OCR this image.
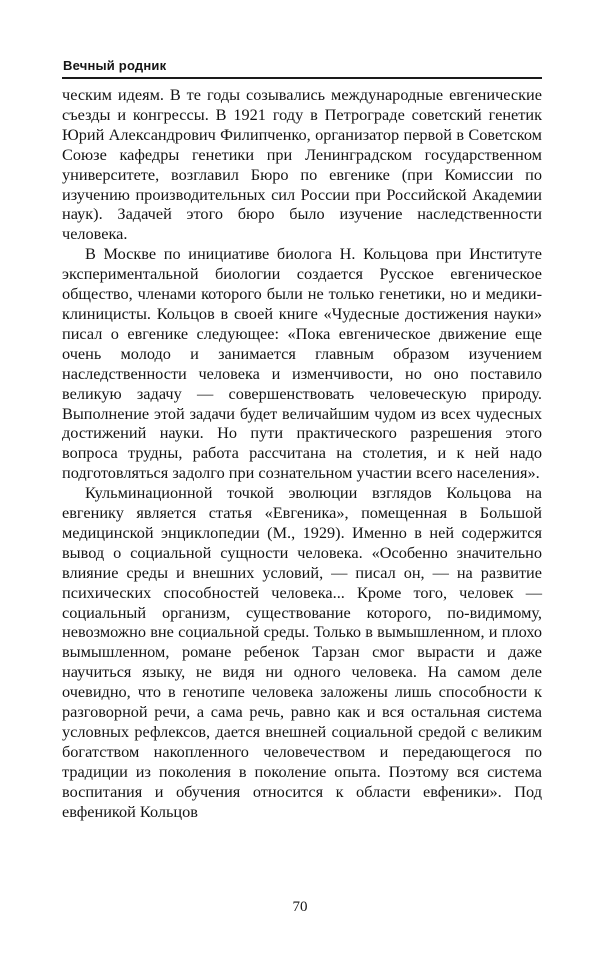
Вечный родник

ческим идеям. В те годы созывались международные евгенические съезды и конгрессы. В 1921 году в Петрограде советский генетик Юрий Александрович Филипченко, организатор первой в Советском Союзе кафедры генетики при Ленинградском государственном университете, возглавил Бюро по евгенике (при Комиссии по изучению производительных сил России при Российской Академии наук). Задачей этого бюро было изучение наследственности человека.

В Москве по инициативе биолога Н. Кольцова при Институте экспериментальной биологии создается Русское евгеническое общество, членами которого были не только генетики, но и медики-клиницисты. Кольцов в своей книге «Чудесные достижения науки» писал о евгенике следующее: «Пока евгеническое движение еще очень молодо и занимается главным образом изучением наследственности человека и изменчивости, но оно поставило великую задачу — совершенствовать человеческую природу. Выполнение этой задачи будет величайшим чудом из всех чудесных достижений науки. Но пути практического разрешения этого вопроса трудны, работа рассчитана на столетия, и к ней надо подготовляться задолго при сознательном участии всего населения».

Кульминационной точкой эволюции взглядов Кольцова на евгенику является статья «Евгеника», помещенная в Большой медицинской энциклопедии (М., 1929). Именно в ней содержится вывод о социальной сущности человека. «Особенно значительно влияние среды и внешних условий, — писал он, — на развитие психических способностей человека... Кроме того, человек — социальный организм, существование которого, по-видимому, невозможно вне социальной среды. Только в вымышленном, и плохо вымышленном, романе ребенок Тарзан смог вырасти и даже научиться языку, не видя ни одного человека. На самом деле очевидно, что в генотипе человека заложены лишь способности к разговорной речи, а сама речь, равно как и вся остальная система условных рефлексов, дается внешней социальной средой с великим богатством накопленного человечеством и передающегося по традиции из поколения в поколение опыта. Поэтому вся система воспитания и обучения относится к области евфеники». Под евфеникой Кольцов

70
